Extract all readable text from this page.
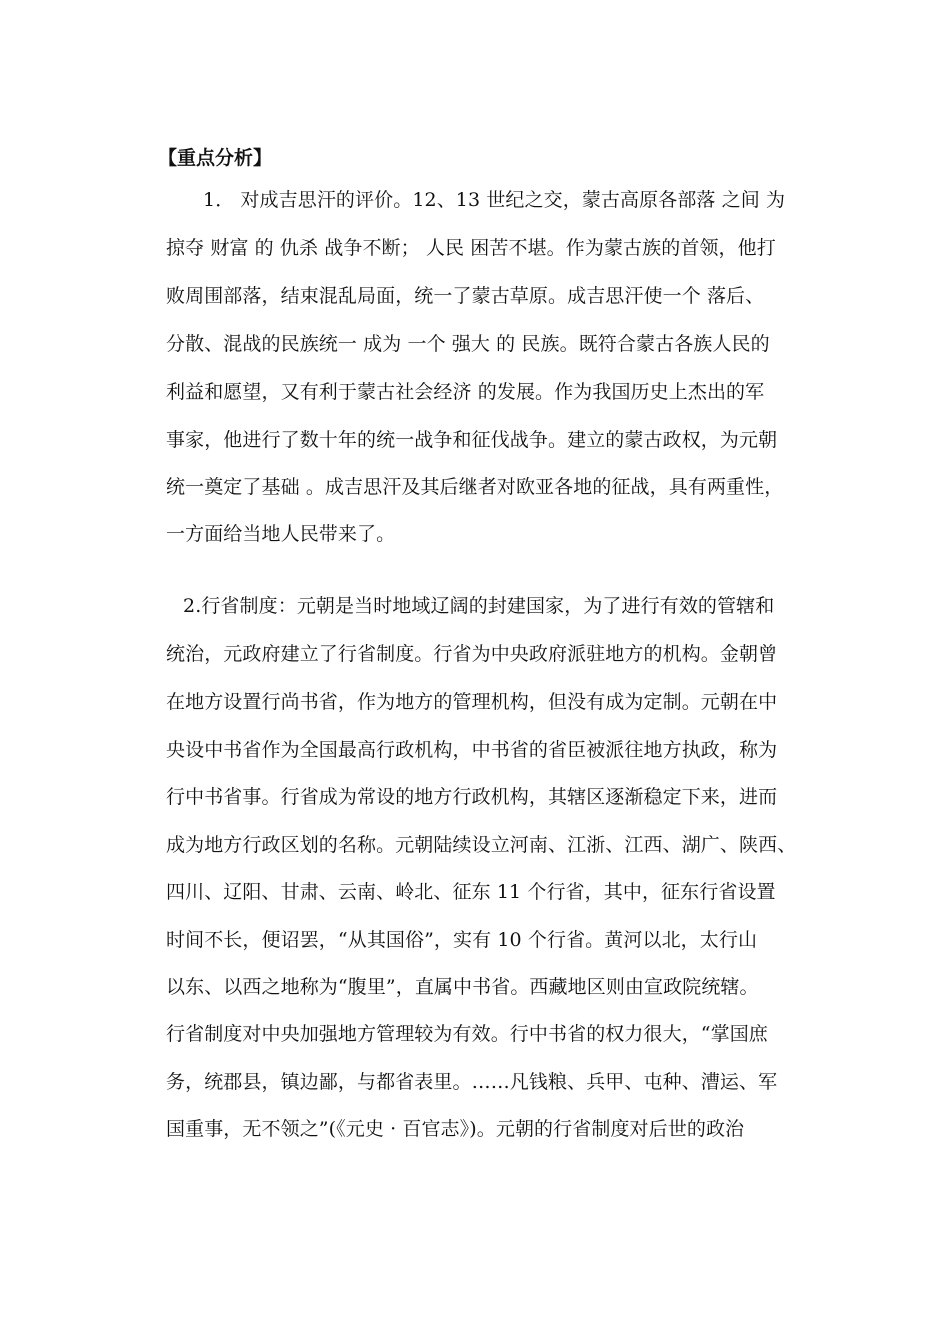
【重点分析】
1． 对成吉思汗的评价。12、13 世纪之交，蒙古高原各部落 之间 为
掠夺 财富 的 仇杀 战争不断； 人民 困苦不堪。作为蒙古族的首领，他打
败周围部落，结束混乱局面，统一了蒙古草原。成吉思汗使一个 落后、
分散、混战的民族统一 成为 一个 强大 的 民族。既符合蒙古各族人民的
利益和愿望，又有利于蒙古社会经济 的发展。作为我国历史上杰出的军
事家，他进行了数十年的统一战争和征伐战争。建立的蒙古政权，为元朝
统一奠定了基础 。成吉思汗及其后继者对欧亚各地的征战，具有两重性，
一方面给当地人民带来了。
2.行省制度：元朝是当时地域辽阔的封建国家，为了进行有效的管辖和
统治，元政府建立了行省制度。行省为中央政府派驻地方的机构。金朝曾
在地方设置行尚书省，作为地方的管理机构，但没有成为定制。元朝在中
央设中书省作为全国最高行政机构，中书省的省臣被派往地方执政，称为
行中书省事。行省成为常设的地方行政机构，其辖区逐渐稳定下来，进而
成为地方行政区划的名称。元朝陆续设立河南、江浙、江西、湖广、陕西、
四川、辽阳、甘肃、云南、岭北、征东 11 个行省，其中，征东行省设置
时间不长，便诏罢，“从其国俗”，实有 10 个行省。黄河以北，太行山
以东、以西之地称为“腹里”，直属中书省。西藏地区则由宣政院统辖。
行省制度对中央加强地方管理较为有效。行中书省的权力很大，“掌国庶
务，统郡县，镇边鄙，与都省表里。……凡钱粮、兵甲、屯种、漕运、军
国重事，无不领之”(《元史 · 百官志》)。元朝的行省制度对后世的政治
